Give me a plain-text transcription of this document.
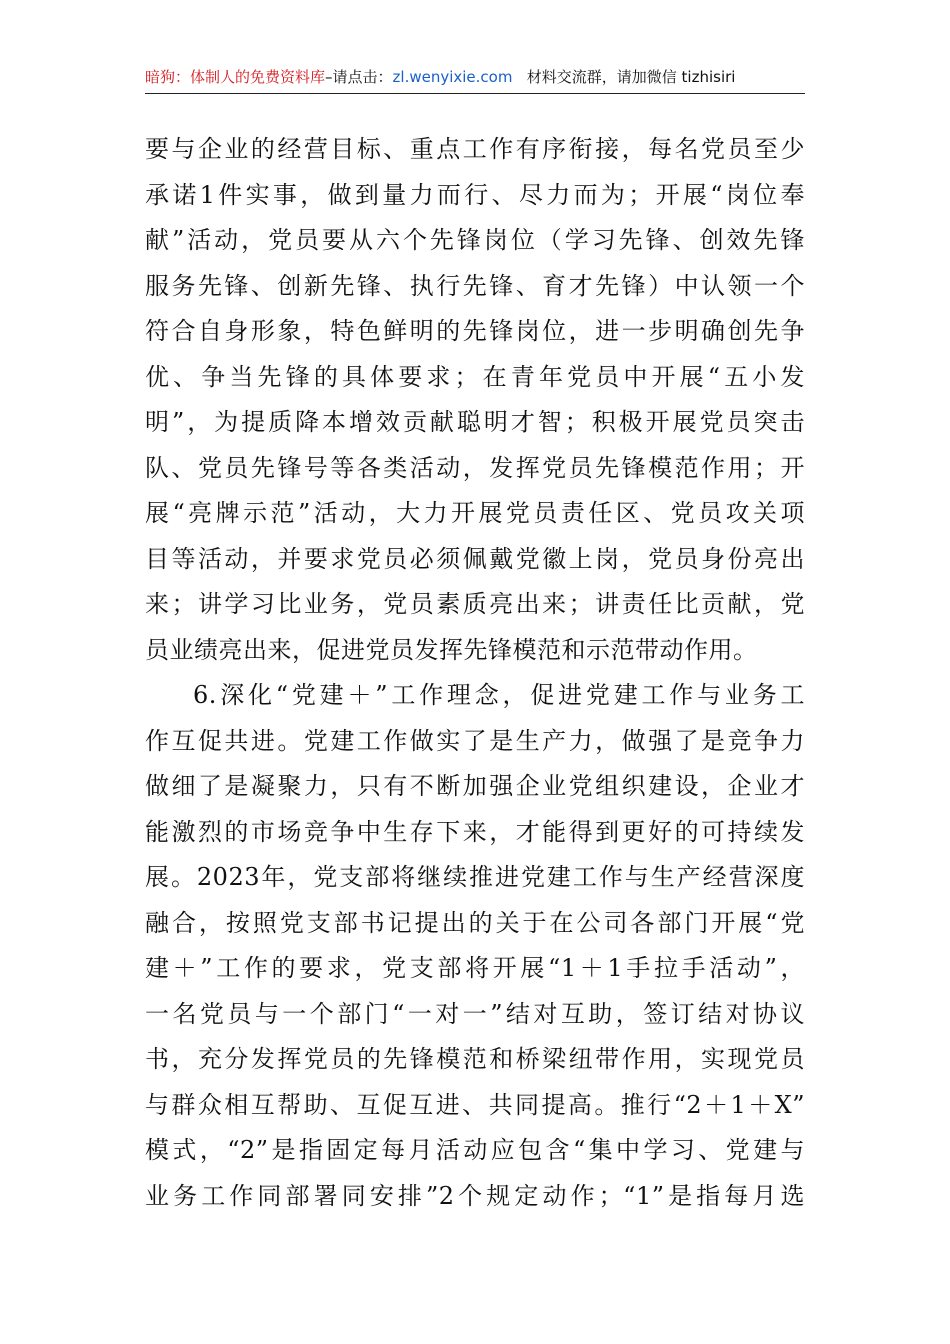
暗狗：体制人的免费资料库–请点击：zl.wenyixie.com 材料交流群，请加微信 tizhisiri
要与企业的经营目标、重点工作有序衔接，每名党员至少
承诺1件实事，做到量力而行、尽力而为；开展“岗位奉
献”活动，党员要从六个先锋岗位（学习先锋、创效先锋
服务先锋、创新先锋、执行先锋、育才先锋）中认领一个
符合自身形象，特色鲜明的先锋岗位，进一步明确创先争
优、争当先锋的具体要求；在青年党员中开展“五小发
明”，为提质降本增效贡献聪明才智；积极开展党员突击
队、党员先锋号等各类活动，发挥党员先锋模范作用；开
展“亮牌示范”活动，大力开展党员责任区、党员攻关项
目等活动，并要求党员必须佩戴党徽上岗，党员身份亮出
来；讲学习比业务，党员素质亮出来；讲责任比贡献，党
员业绩亮出来，促进党员发挥先锋模范和示范带动作用。
6.深化“党建＋”工作理念，促进党建工作与业务工
作互促共进。党建工作做实了是生产力，做强了是竞争力
做细了是凝聚力，只有不断加强企业党组织建设，企业才
能激烈的市场竞争中生存下来，才能得到更好的可持续发
展。2023年，党支部将继续推进党建工作与生产经营深度
融合，按照党支部书记提出的关于在公司各部门开展“党
建＋”工作的要求，党支部将开展“1＋1手拉手活动”，
一名党员与一个部门“一对一”结对互助，签订结对协议
书，充分发挥党员的先锋模范和桥梁纽带作用，实现党员
与群众相互帮助、互促互进、共同提高。推行“2＋1＋X”
模式，“2”是指固定每月活动应包含“集中学习、党建与
业务工作同部署同安排”2个规定动作；“1”是指每月选
